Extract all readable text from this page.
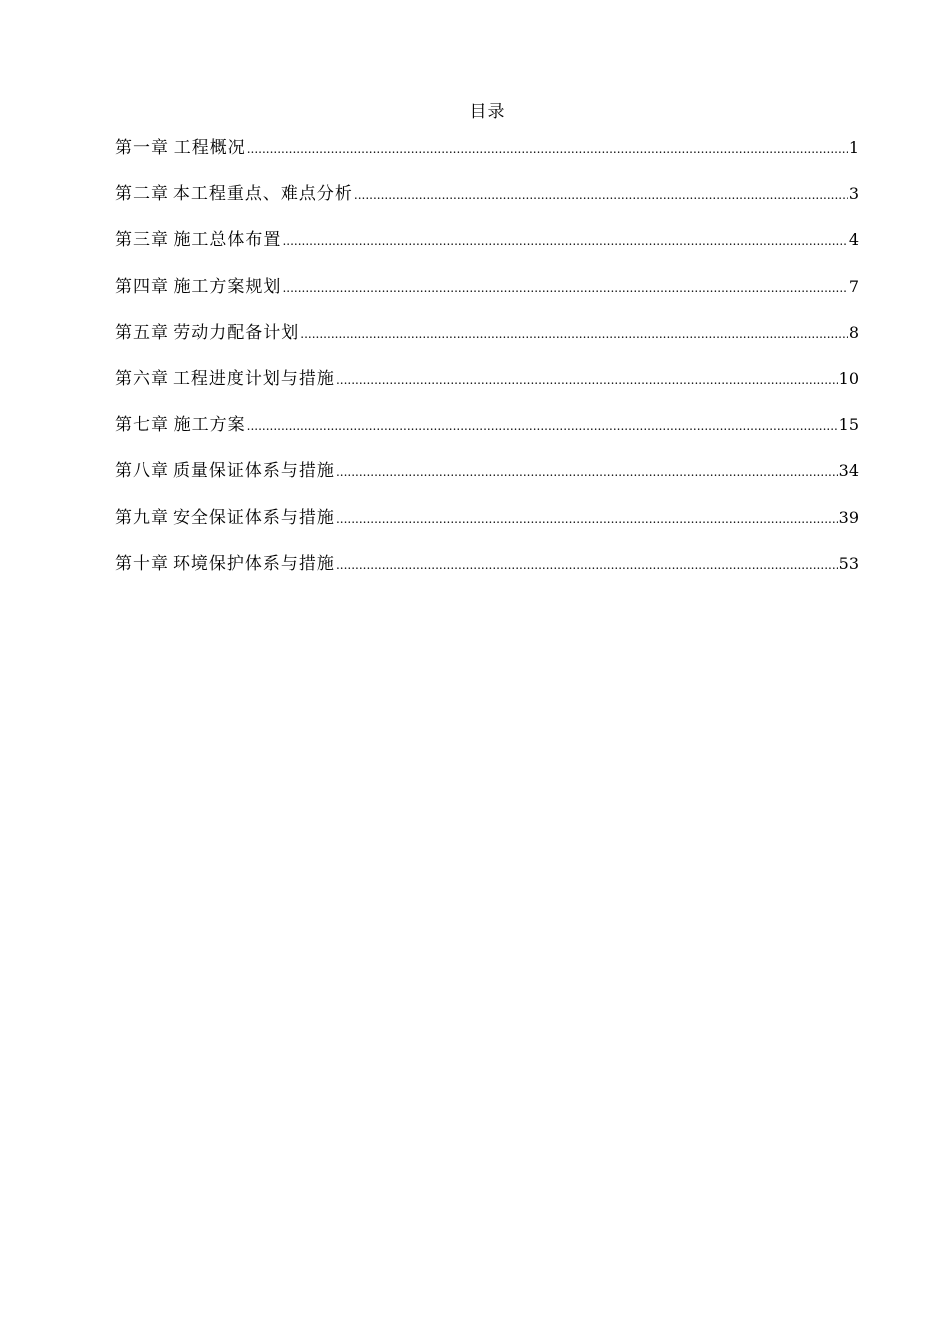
目录
第一章 工程概况 .....	1
第二章 本工程重点、难点分析 .....	3
第三章 施工总体布置 .....	4
第四章 施工方案规划 .....	7
第五章 劳动力配备计划 .....	8
第六章 工程进度计划与措施 .....	10
第七章 施工方案 .....	15
第八章 质量保证体系与措施 .....	34
第九章 安全保证体系与措施 .....	39
第十章 环境保护体系与措施 .....	53
